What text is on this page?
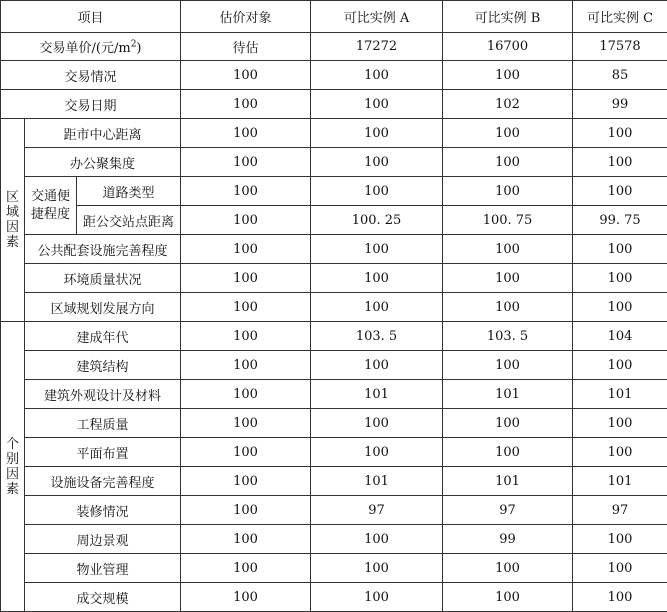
项目			估价对象	可比实例 A	可比实例 B	可比实例 C
交易单价/(元$/m^2$)			待估	17272	16700	17578
交易情况			100	100	100	85
交易日期			100	100	102	99

区
域
因
素	距市中心距离		100	100	100	100
	办公聚集度		100	100	100	100

	交通便
捷程度	道路类型	100	100	100	100
		距公交站点距离	100	100. 25	100. 75	99. 75
	公共配套设施完善程度		100	100	100	100
	环境质量状况		100	100	100	100
	区域规划发展方向		100	100	100	100

个
别
因
素	建成年代		100	103. 5	103. 5	104
	建筑结构		100	100	100	100
	建筑外观设计及材料		100	101	101	101
	工程质量		100	100	100	100
	平面布置		100	100	100	100
	设施设备完善程度		100	101	101	101
	装修情况		100	97	97	97
	周边景观		100	100	99	100
	物业管理		100	100	100	100
	成交规模		100	100	100	100
